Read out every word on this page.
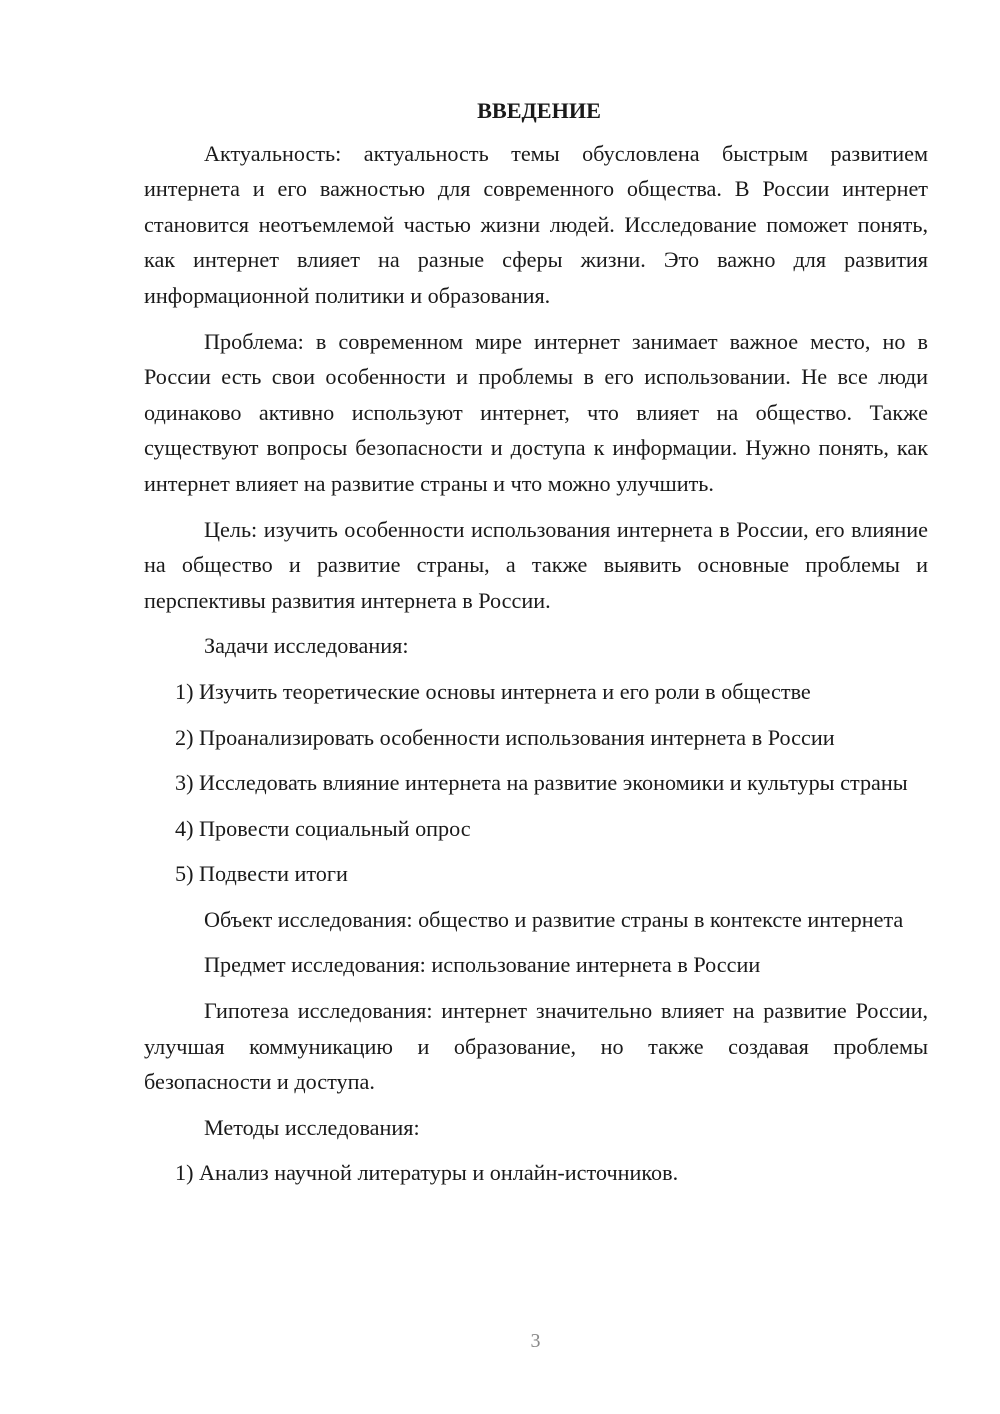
ВВЕДЕНИЕ

Актуальность: актуальность темы обусловлена быстрым развитием интернета и его важностью для современного общества. В России интернет становится неотъемлемой частью жизни людей. Исследование поможет понять, как интернет влияет на разные сферы жизни. Это важно для развития информационной политики и образования.

Проблема: в современном мире интернет занимает важное место, но в России есть свои особенности и проблемы в его использовании. Не все люди одинаково активно используют интернет, что влияет на общество. Также существуют вопросы безопасности и доступа к информации. Нужно понять, как интернет влияет на развитие страны и что можно улучшить.

Цель: изучить особенности использования интернета в России, его влияние на общество и развитие страны, а также выявить основные проблемы и перспективы развития интернета в России.

Задачи исследования:

1) Изучить теоретические основы интернета и его роли в обществе

2) Проанализировать особенности использования интернета в России

3) Исследовать влияние интернета на развитие экономики и культуры страны

4) Провести социальный опрос

5) Подвести итоги

Объект исследования: общество и развитие страны в контексте интернета

Предмет исследования: использование интернета в России

Гипотеза исследования: интернет значительно влияет на развитие России, улучшая коммуникацию и образование, но также создавая проблемы безопасности и доступа.

Методы исследования:

1) Анализ научной литературы и онлайн-источников.

3
